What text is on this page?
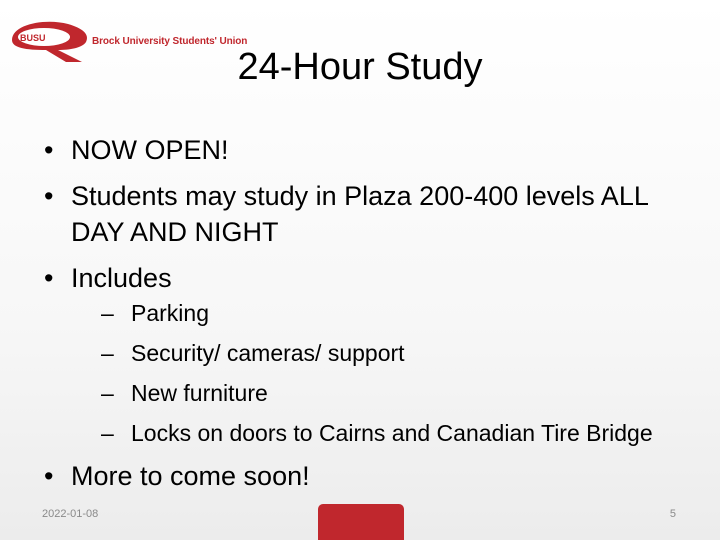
BUSU	Brock University Students' Union
24-Hour Study
• NOW OPEN!
• Students may study in Plaza 200-400 levels ALL DAY AND NIGHT
• Includes
– Parking
– Security/ cameras/ support
– New furniture
– Locks on doors to Cairns and Canadian Tire Bridge
• More to come soon!
2022-01-08	5
